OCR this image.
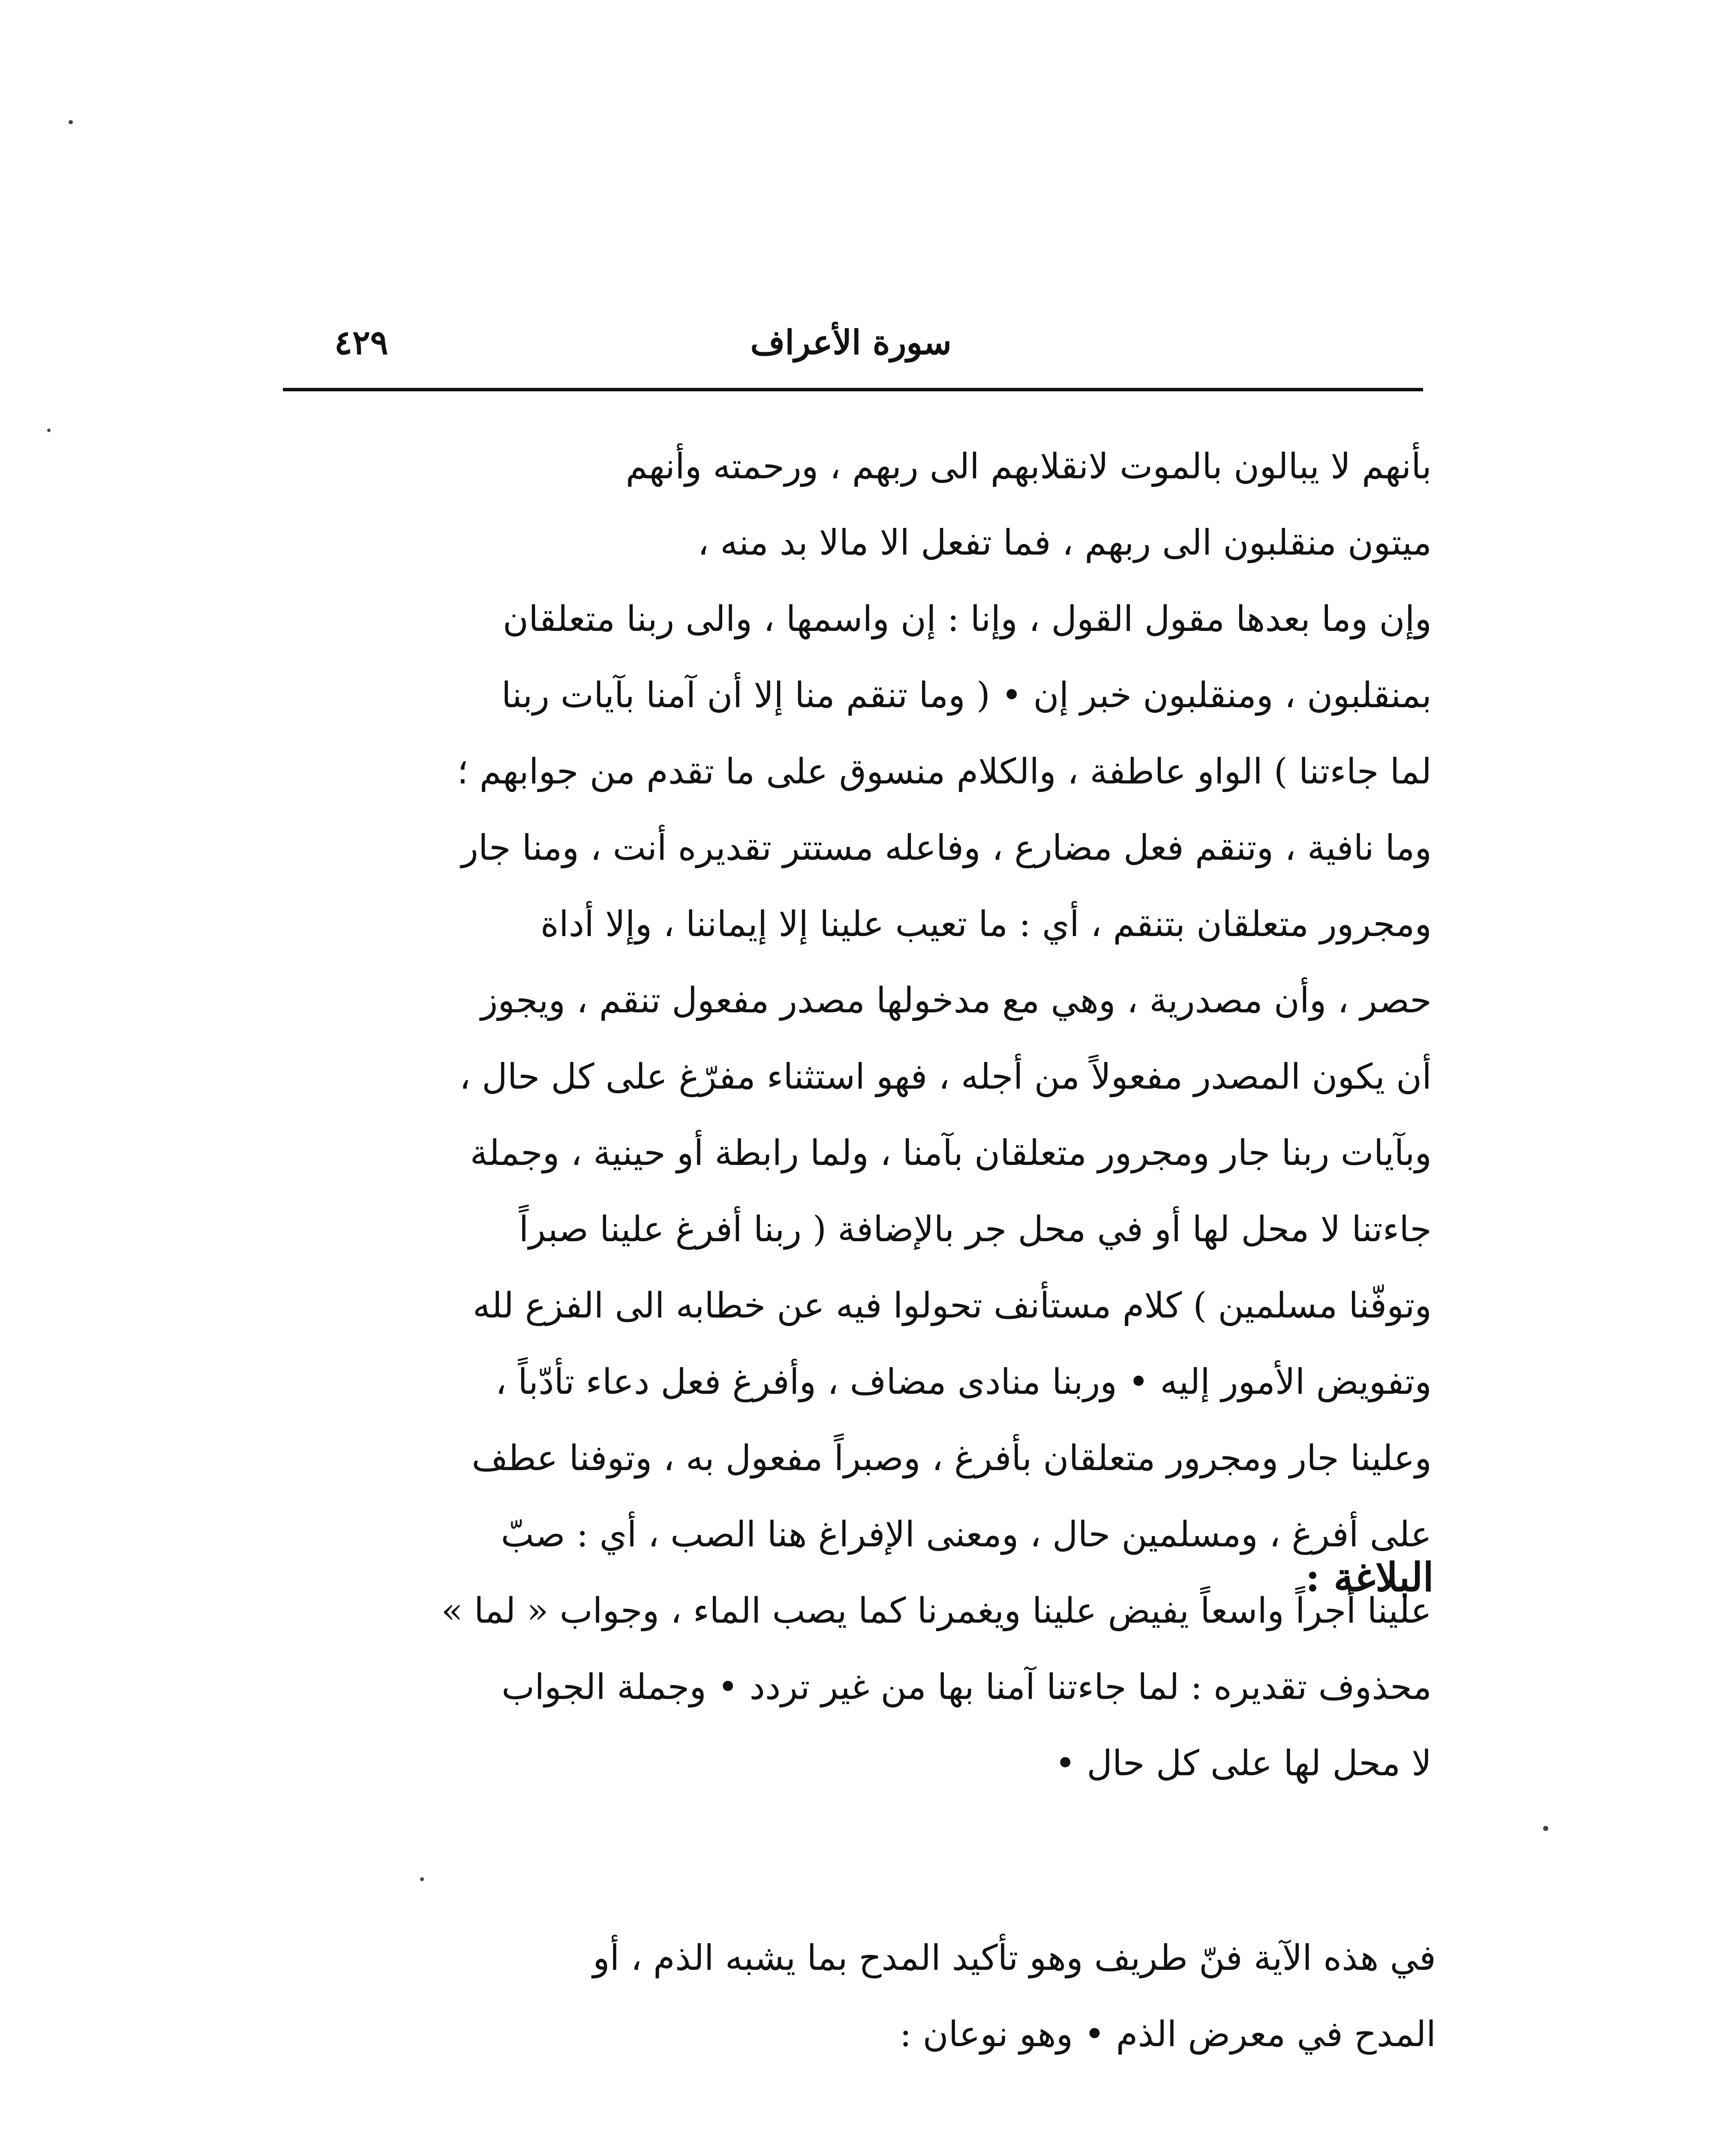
سورة الأعراف
٤٢٩
بأنهم لا يبالون بالموت لانقلابهم الى ربهم ، ورحمته وأنهم
ميتون منقلبون الى ربهم ، فما تفعل الا مالا بد منه ،
وإن وما بعدها مقول القول ، وإنا : إن واسمها ، والى ربنا متعلقان
بمنقلبون ، ومنقلبون خبر إن • ( وما تنقم منا إلا أن آمنا بآيات ربنا
لما جاءتنا ) الواو عاطفة ، والكلام منسوق على ما تقدم من جوابهم ؛
وما نافية ، وتنقم فعل مضارع ، وفاعله مستتر تقديره أنت ، ومنا جار
ومجرور متعلقان بتنقم ، أي : ما تعيب علينا إلا إيماننا ، وإلا أداة
حصر ، وأن مصدرية ، وهي مع مدخولها مصدر مفعول تنقم ، ويجوز
أن يكون المصدر مفعولاً من أجله ، فهو استثناء مفرّغ على كل حال ،
وبآيات ربنا جار ومجرور متعلقان بآمنا ، ولما رابطة أو حينية ، وجملة
جاءتنا لا محل لها أو في محل جر بالإضافة ( ربنا أفرغ علينا صبراً
وتوفّنا مسلمين ) كلام مستأنف تحولوا فيه عن خطابه الى الفزع لله
وتفويض الأمور إليه • وربنا منادى مضاف ، وأفرغ فعل دعاء تأدّباً ،
وعلينا جار ومجرور متعلقان بأفرغ ، وصبراً مفعول به ، وتوفنا عطف
على أفرغ ، ومسلمين حال ، ومعنى الإفراغ هنا الصب ، أي : صبّ
علينا أجراً واسعاً يفيض علينا ويغمرنا كما يصب الماء ، وجواب « لما »
محذوف تقديره : لما جاءتنا آمنا بها من غير تردد • وجملة الجواب
لا محل لها على كل حال •
البلاغة :
في هذه الآية فنّ طريف وهو تأكيد المدح بما يشبه الذم ، أو
المدح في معرض الذم • وهو نوعان :
